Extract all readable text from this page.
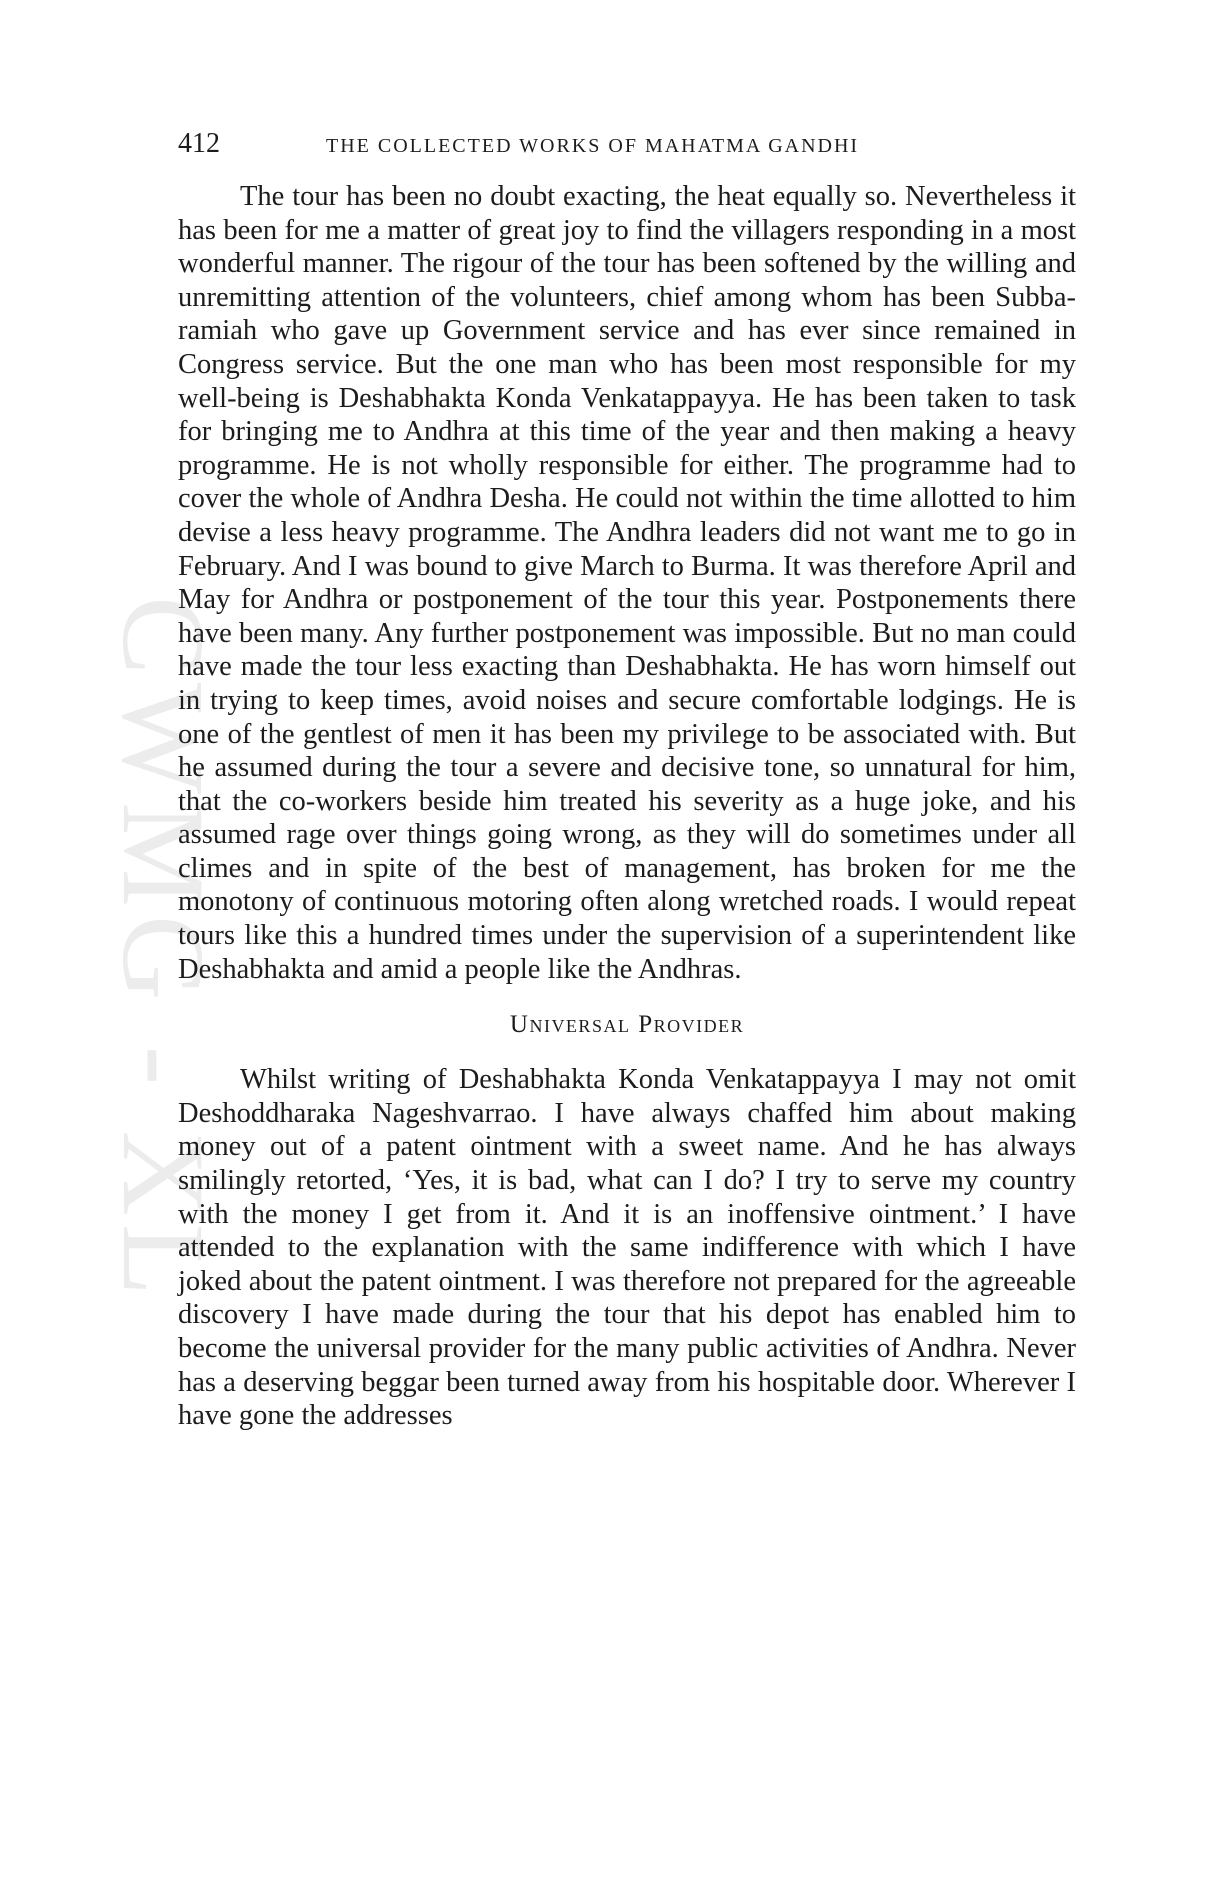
CWMG - XL
412	THE COLLECTED WORKS OF MAHATMA GANDHI

The tour has been no doubt exacting, the heat equally so. Nevertheless it has been for me a matter of great joy to find the villagers responding in a most wonderful manner. The rigour of the tour has been softened by the willing and unremitting attention of the volunteers, chief among whom has been Subbaramiah who gave up Government service and has ever since remained in Congress service. But the one man who has been most responsible for my well-being is Deshabhakta Konda Venkatappayya. He has been taken to task for bringing me to Andhra at this time of the year and then making a heavy programme. He is not wholly responsible for either. The programme had to cover the whole of Andhra Desha. He could not within the time allotted to him devise a less heavy programme. The Andhra leaders did not want me to go in February. And I was bound to give March to Burma. It was therefore April and May for Andhra or postponement of the tour this year. Postponements there have been many. Any further postponement was impossible. But no man could have made the tour less exacting than Deshabhakta. He has worn himself out in trying to keep times, avoid noises and secure comfortable lodgings. He is one of the gentlest of men it has been my privilege to be associated with. But he assumed during the tour a severe and decisive tone, so unnatural for him, that the co-workers beside him treated his severity as a huge joke, and his assumed rage over things going wrong, as they will do sometimes under all climes and in spite of the best of management, has broken for me the monotony of continuous motoring often along wretched roads. I would repeat tours like this a hundred times under the supervision of a superintendent like Deshabhakta and amid a people like the Andhras.

Universal Provider

Whilst writing of Deshabhakta Konda Venkatappayya I may not omit Deshoddharaka Nageshvarrao. I have always chaffed him about making money out of a patent ointment with a sweet name. And he has always smilingly retorted, ‘Yes, it is bad, what can I do? I try to serve my country with the money I get from it. And it is an inoffensive ointment.’ I have attended to the explanation with the same indifference with which I have joked about the patent ointment. I was therefore not prepared for the agreeable discovery I have made during the tour that his depot has enabled him to become the universal provider for the many public activities of Andhra. Never has a deserving beggar been turned away from his hospitable door. Wherever I have gone the addresses
